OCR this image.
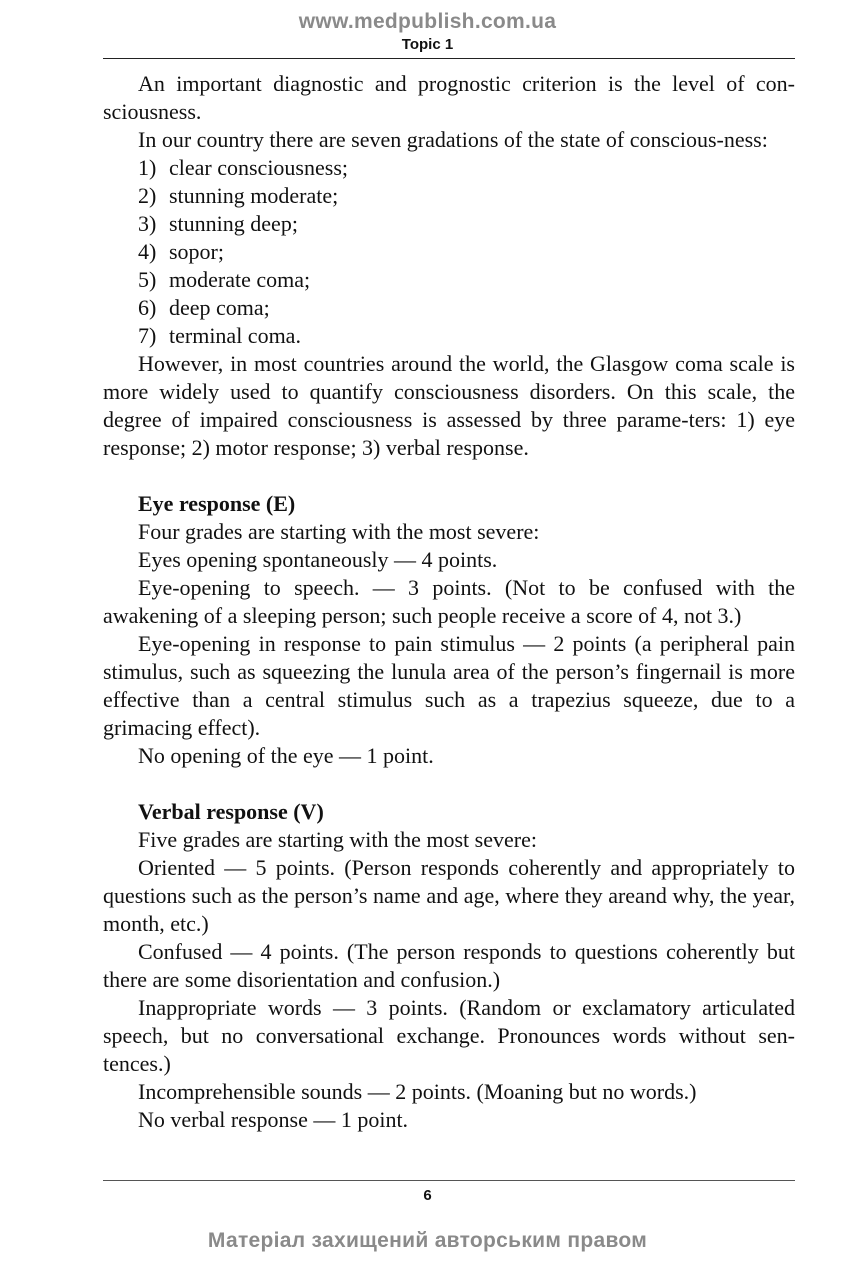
www.medpublish.com.ua
Topic 1

An important diagnostic and prognostic criterion is the level of con-sciousness.

In our country there are seven gradations of the state of conscious-ness:

1) clear consciousness;
2) stunning moderate;
3) stunning deep;
4) sopor;
5) moderate coma;
6) deep coma;
7) terminal coma.

However, in most countries around the world, the Glasgow coma scale is more widely used to quantify consciousness disorders. On this scale, the degree of impaired consciousness is assessed by three parame-ters: 1) eye response; 2) motor response; 3) verbal response.

Eye response (E)

Four grades are starting with the most severe:

Eyes opening spontaneously — 4 points.

Eye-opening to speech. — 3 points. (Not to be confused with the awakening of a sleeping person; such people receive a score of 4, not 3.)

Eye-opening in response to pain stimulus — 2 points (a peripheral pain stimulus, such as squeezing the lunula area of the person’s fingernail is more effective than a central stimulus such as a trapezius squeeze, due to a grimacing effect).

No opening of the eye — 1 point.

Verbal response (V)

Five grades are starting with the most severe:

Oriented — 5 points. (Person responds coherently and appropriately to questions such as the person’s name and age, where they areand why, the year, month, etc.)

Confused — 4 points. (The person responds to questions coherently but there are some disorientation and confusion.)

Inappropriate words — 3 points. (Random or exclamatory articulated speech, but no conversational exchange. Pronounces words without sen-tences.)

Incomprehensible sounds — 2 points. (Moaning but no words.)

No verbal response — 1 point.

6
Матеріал захищений авторським правом
